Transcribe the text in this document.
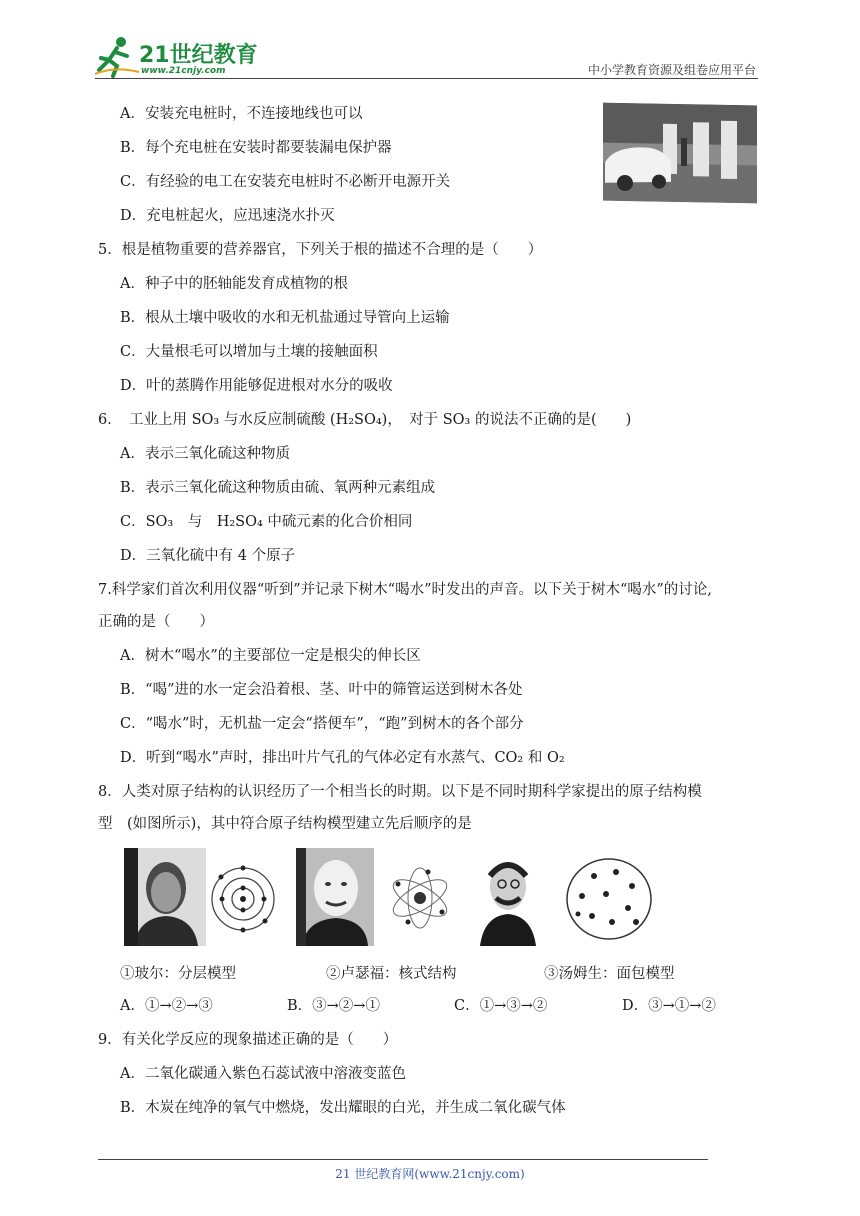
21世纪教育
www.21cnjy.com	中小学教育资源及组卷应用平台
A．安装充电桩时，不连接地线也可以
B．每个充电桩在安装时都要装漏电保护器
C．有经验的电工在安装充电桩时不必断开电源开关
D．充电桩起火，应迅速浇水扑灭
5．根是植物重要的营养器官，下列关于根的描述不合理的是（　　）
A．种子中的胚轴能发育成植物的根
B．根从土壤中吸收的水和无机盐通过导管向上运输
C．大量根毛可以增加与土壤的接触面积
D．叶的蒸腾作用能够促进根对水分的吸收
6．　工业上用 SO₃ 与水反应制硫酸 (H₂SO₄)，　对于 SO₃ 的说法不正确的是(　　)
A．表示三氧化硫这种物质
B．表示三氧化硫这种物质由硫、氧两种元素组成
C．SO₃　与　H₂SO₄ 中硫元素的化合价相同
D．三氧化硫中有 4 个原子
7.科学家们首次利用仪器“听到”并记录下树木“喝水”时发出的声音。以下关于树木“喝水”的讨论,
正确的是（　　）
A．树木“喝水”的主要部位一定是根尖的伸长区
B．“喝”进的水一定会沿着根、茎、叶中的筛管运送到树木各处
C．“喝水”时，无机盐一定会“搭便车”，“跑”到树木的各个部分
D．听到“喝水”声时，排出叶片气孔的气体必定有水蒸气、CO₂ 和 O₂
8．人类对原子结构的认识经历了一个相当长的时期。以下是不同时期科学家提出的原子结构模
型　(如图所示)，其中符合原子结构模型建立先后顺序的是
①玻尔：分层模型	②卢瑟福：核式结构	③汤姆生：面包模型
A．①→②→③	B．③→②→①	C．①→③→②	D．③→①→②
9．有关化学反应的现象描述正确的是（　　）
A．二氧化碳通入紫色石蕊试液中溶液变蓝色
B．木炭在纯净的氧气中燃烧，发出耀眼的白光，并生成二氧化碳气体
21 世纪教育网(www.21cnjy.com)
